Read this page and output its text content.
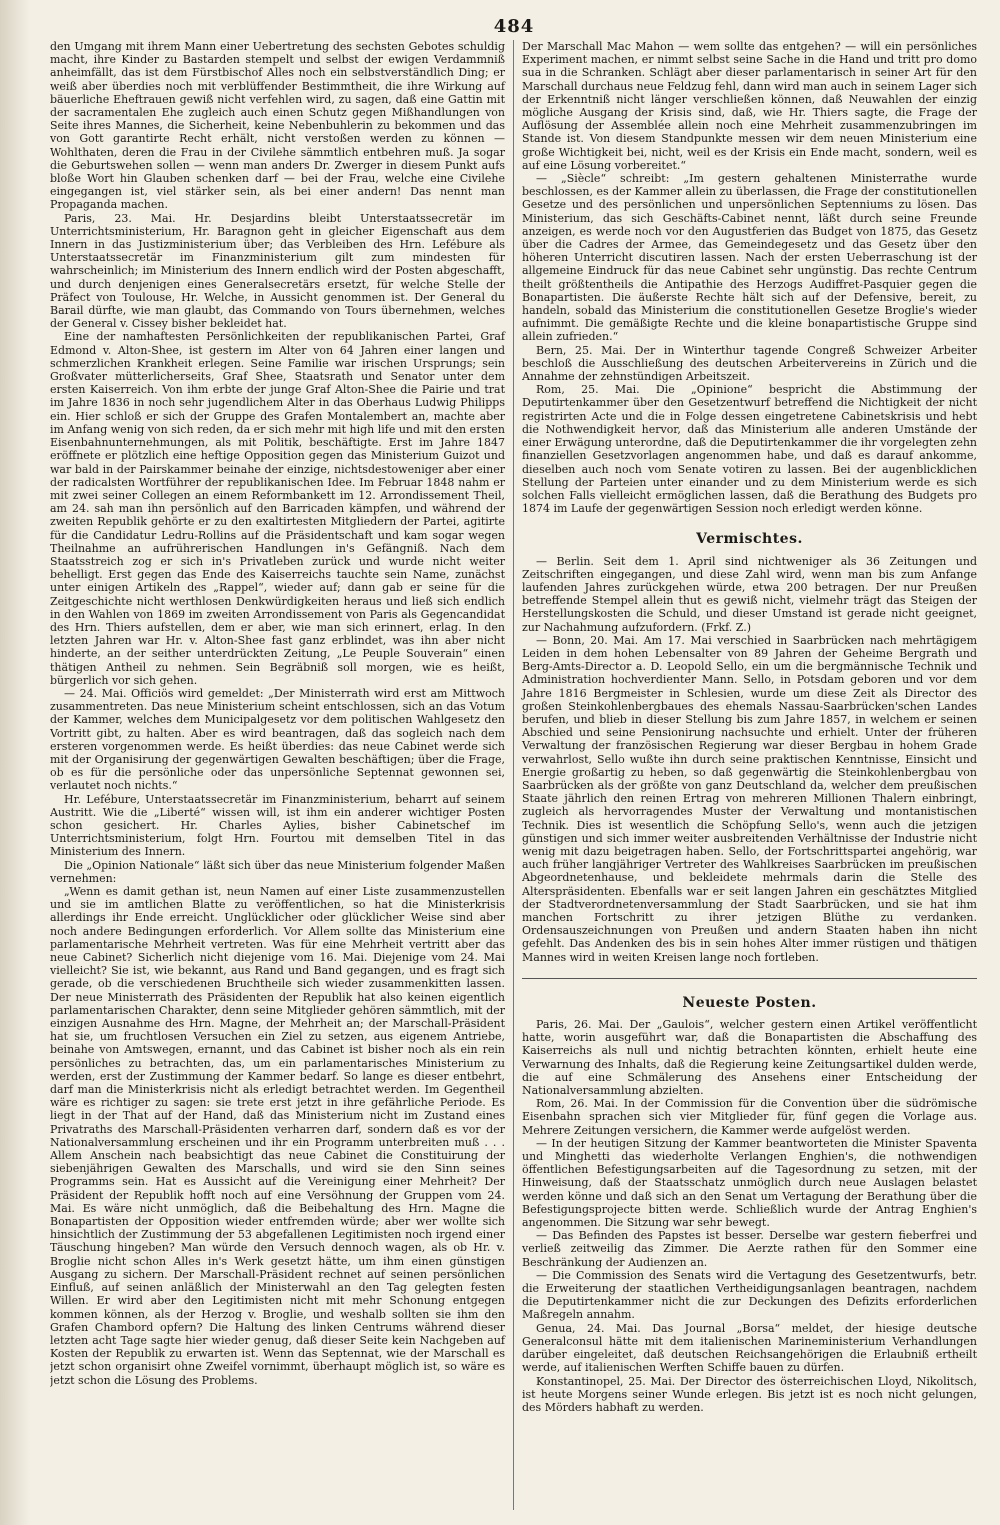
484

den Umgang mit ihrem Mann einer Uebertretung des sechsten Gebotes schuldig macht, ihre Kinder zu Bastarden stempelt und selbst der ewigen Verdammniß anheimfällt, das ist dem Fürstbischof Alles noch ein selbstverständlich Ding; er weiß aber überdies noch mit verblüffender Bestimmtheit, die ihre Wirkung auf bäuerliche Eheftrauen gewiß nicht verfehlen wird, zu sagen, daß eine Gattin mit der sacramentalen Ehe zugleich auch einen Schutz gegen Mißhandlungen von Seite ihres Mannes, die Sicherheit, keine Nebenbuhlerin zu bekommen und das von Gott garantirte Recht erhält, nicht verstoßen werden zu können — Wohlthaten, deren die Frau in der Civilehe sämmtlich entbehren muß. Ja sogar die Geburtswehen sollen — wenn man anders Dr. Zwerger in diesem Punkt aufs bloße Wort hin Glauben schenken darf — bei der Frau, welche eine Civilehe eingegangen ist, viel stärker sein, als bei einer andern! Das nennt man Propaganda machen.

Paris, 23. Mai. Hr. Desjardins bleibt Unterstaatssecretär im Unterrichtsministerium, Hr. Baragnon geht in gleicher Eigenschaft aus dem Innern in das Justizministerium über; das Verbleiben des Hrn. Lefébure als Unterstaatssecretär im Finanzministerium gilt zum mindesten für wahrscheinlich; im Ministerium des Innern endlich wird der Posten abgeschafft, und durch denjenigen eines Generalsecretärs ersetzt, für welche Stelle der Präfect von Toulouse, Hr. Welche, in Aussicht genommen ist. Der General du Barail dürfte, wie man glaubt, das Commando von Tours übernehmen, welches der General v. Cissey bisher bekleidet hat.

Eine der namhaftesten Persönlichkeiten der republikanischen Partei, Graf Edmond v. Alton-Shee, ist gestern im Alter von 64 Jahren einer langen und schmerzlichen Krankheit erlegen. Seine Familie war irischen Ursprungs; sein Großvater mütterlicherseits, Graf Shee, Staatsrath und Senator unter dem ersten Kaiserreich. Von ihm erbte der junge Graf Alton-Shee die Pairie und trat im Jahre 1836 in noch sehr jugendlichem Alter in das Oberhaus Ludwig Philipps ein. Hier schloß er sich der Gruppe des Grafen Montalembert an, machte aber im Anfang wenig von sich reden, da er sich mehr mit high life und mit den ersten Eisenbahnunternehmungen, als mit Politik, beschäftigte. Erst im Jahre 1847 eröffnete er plötzlich eine heftige Opposition gegen das Ministerium Guizot und war bald in der Pairskammer beinahe der einzige, nichtsdestoweniger aber einer der radicalsten Wortführer der republikanischen Idee. Im Februar 1848 nahm er mit zwei seiner Collegen an einem Reformbankett im 12. Arrondissement Theil, am 24. sah man ihn persönlich auf den Barricaden kämpfen, und während der zweiten Republik gehörte er zu den exaltirtesten Mitgliedern der Partei, agitirte für die Candidatur Ledru-Rollins auf die Präsidentschaft und kam sogar wegen Theilnahme an aufrührerischen Handlungen in's Gefängniß. Nach dem Staatsstreich zog er sich in's Privatleben zurück und wurde nicht weiter behelligt. Erst gegen das Ende des Kaiserreichs tauchte sein Name, zunächst unter einigen Artikeln des „Rappel“, wieder auf; dann gab er seine für die Zeitgeschichte nicht werthlosen Denkwürdigkeiten heraus und ließ sich endlich in den Wahlen von 1869 im zweiten Arrondissement von Paris als Gegencandidat des Hrn. Thiers aufstellen, dem er aber, wie man sich erinnert, erlag. In den letzten Jahren war Hr. v. Alton-Shee fast ganz erblindet, was ihn aber nicht hinderte, an der seither unterdrückten Zeitung, „Le Peuple Souverain“ einen thätigen Antheil zu nehmen. Sein Begräbniß soll morgen, wie es heißt, bürgerlich vor sich gehen.

— 24. Mai. Officiös wird gemeldet: „Der Ministerrath wird erst am Mittwoch zusammentreten. Das neue Ministerium scheint entschlossen, sich an das Votum der Kammer, welches dem Municipalgesetz vor dem politischen Wahlgesetz den Vortritt gibt, zu halten. Aber es wird beantragen, daß das sogleich nach dem ersteren vorgenommen werde. Es heißt überdies: das neue Cabinet werde sich mit der Organisirung der gegenwärtigen Gewalten beschäftigen; über die Frage, ob es für die persönliche oder das unpersönliche Septennat gewonnen sei, verlautet noch nichts.“

Hr. Lefébure, Unterstaatssecretär im Finanzministerium, beharrt auf seinem Austritt. Wie die „Liberté“ wissen will, ist ihm ein anderer wichtiger Posten schon gesichert. Hr. Charles Aylies, bisher Cabinetschef im Unterrichtsministerium, folgt Hrn. Fourtou mit demselben Titel in das Ministerium des Innern.

Die „Opinion Nationale“ läßt sich über das neue Ministerium folgender Maßen vernehmen:

„Wenn es damit gethan ist, neun Namen auf einer Liste zusammenzustellen und sie im amtlichen Blatte zu veröffentlichen, so hat die Ministerkrisis allerdings ihr Ende erreicht. Unglücklicher oder glücklicher Weise sind aber noch andere Bedingungen erforderlich. Vor Allem sollte das Ministerium eine parlamentarische Mehrheit vertreten. Was für eine Mehrheit vertritt aber das neue Cabinet? Sicherlich nicht diejenige vom 16. Mai. Diejenige vom 24. Mai vielleicht? Sie ist, wie bekannt, aus Rand und Band gegangen, und es fragt sich gerade, ob die verschiedenen Bruchtheile sich wieder zusammenkitten lassen. Der neue Ministerrath des Präsidenten der Republik hat also keinen eigentlich parlamentarischen Charakter, denn seine Mitglieder gehören sämmtlich, mit der einzigen Ausnahme des Hrn. Magne, der Mehrheit an; der Marschall-Präsident hat sie, um fruchtlosen Versuchen ein Ziel zu setzen, aus eigenem Antriebe, beinahe von Amtswegen, ernannt, und das Cabinet ist bisher noch als ein rein persönliches zu betrachten, das, um ein parlamentarisches Ministerium zu werden, erst der Zustimmung der Kammer bedarf. So lange es dieser entbehrt, darf man die Ministerkrisis nicht als erledigt betrachtet werden. Im Gegentheil wäre es richtiger zu sagen: sie trete erst jetzt in ihre gefährliche Periode. Es liegt in der That auf der Hand, daß das Ministerium nicht im Zustand eines Privatraths des Marschall-Präsidenten verharren darf, sondern daß es vor der Nationalversammlung erscheinen und ihr ein Programm unterbreiten muß . . . Allem Anschein nach beabsichtigt das neue Cabinet die Constituirung der siebenjährigen Gewalten des Marschalls, und wird sie den Sinn seines Programms sein. Hat es Aussicht auf die Vereinigung einer Mehrheit? Der Präsident der Republik hofft noch auf eine Versöhnung der Gruppen vom 24. Mai. Es wäre nicht unmöglich, daß die Beibehaltung des Hrn. Magne die Bonapartisten der Opposition wieder entfremden würde; aber wer wollte sich hinsichtlich der Zustimmung der 53 abgefallenen Legitimisten noch irgend einer Täuschung hingeben? Man würde den Versuch dennoch wagen, als ob Hr. v. Broglie nicht schon Alles in's Werk gesetzt hätte, um ihm einen günstigen Ausgang zu sichern. Der Marschall-Präsident rechnet auf seinen persönlichen Einfluß, auf seinen anläßlich der Ministerwahl an den Tag gelegten festen Willen. Er wird aber den Legitimisten nicht mit mehr Schonung entgegen kommen können, als der Herzog v. Broglie, und weshalb sollten sie ihm den Grafen Chambord opfern? Die Haltung des linken Centrums während dieser letzten acht Tage sagte hier wieder genug, daß dieser Seite kein Nachgeben auf Kosten der Republik zu erwarten ist. Wenn das Septennat, wie der Marschall es jetzt schon organisirt ohne Zweifel vornimmt, überhaupt möglich ist, so wäre es jetzt schon die Lösung des Problems.

Der Marschall Mac Mahon — wem sollte das entgehen? — will ein persönliches Experiment machen, er nimmt selbst seine Sache in die Hand und tritt pro domo sua in die Schranken. Schlägt aber dieser parlamentarisch in seiner Art für den Marschall durchaus neue Feldzug fehl, dann wird man auch in seinem Lager sich der Erkenntniß nicht länger verschließen können, daß Neuwahlen der einzig mögliche Ausgang der Krisis sind, daß, wie Hr. Thiers sagte, die Frage der Auflösung der Assemblée allein noch eine Mehrheit zusammenzubringen im Stande ist. Von diesem Standpunkte messen wir dem neuen Ministerium eine große Wichtigkeit bei, nicht, weil es der Krisis ein Ende macht, sondern, weil es auf eine Lösung vorbereitet.“

— „Siècle“ schreibt: „Im gestern gehaltenen Ministerrathe wurde beschlossen, es der Kammer allein zu überlassen, die Frage der constitutionellen Gesetze und des persönlichen und unpersönlichen Septenniums zu lösen. Das Ministerium, das sich Geschäfts-Cabinet nennt, läßt durch seine Freunde anzeigen, es werde noch vor den Augustferien das Budget von 1875, das Gesetz über die Cadres der Armee, das Gemeindegesetz und das Gesetz über den höheren Unterricht discutiren lassen. Nach der ersten Ueberraschung ist der allgemeine Eindruck für das neue Cabinet sehr ungünstig. Das rechte Centrum theilt größtentheils die Antipathie des Herzogs Audiffret-Pasquier gegen die Bonapartisten. Die äußerste Rechte hält sich auf der Defensive, bereit, zu handeln, sobald das Ministerium die constitutionellen Gesetze Broglie's wieder aufnimmt. Die gemäßigte Rechte und die kleine bonapartistische Gruppe sind allein zufrieden.“

Bern, 25. Mai. Der in Winterthur tagende Congreß Schweizer Arbeiter beschloß die Ausschließung des deutschen Arbeitervereins in Zürich und die Annahme der zehnstündigen Arbeitszeit.

Rom, 25. Mai. Die „Opinione“ bespricht die Abstimmung der Deputirtenkammer über den Gesetzentwurf betreffend die Nichtigkeit der nicht registrirten Acte und die in Folge dessen eingetretene Cabinetskrisis und hebt die Nothwendigkeit hervor, daß das Ministerium alle anderen Umstände der einer Erwägung unterordne, daß die Deputirtenkammer die ihr vorgelegten zehn finanziellen Gesetzvorlagen angenommen habe, und daß es darauf ankomme, dieselben auch noch vom Senate votiren zu lassen. Bei der augenblicklichen Stellung der Parteien unter einander und zu dem Ministerium werde es sich solchen Falls vielleicht ermöglichen lassen, daß die Berathung des Budgets pro 1874 im Laufe der gegenwärtigen Session noch erledigt werden könne.

Vermischtes.

— Berlin. Seit dem 1. April sind nichtweniger als 36 Zeitungen und Zeitschriften eingegangen, und diese Zahl wird, wenn man bis zum Anfange laufenden Jahres zurückgehen würde, etwa 200 betragen. Der nur Preußen betreffende Stempel allein thut es gewiß nicht, vielmehr trägt das Steigen der Herstellungskosten die Schuld, und dieser Umstand ist gerade nicht geeignet, zur Nachahmung aufzufordern. (Frkf. Z.)

— Bonn, 20. Mai. Am 17. Mai verschied in Saarbrücken nach mehrtägigem Leiden in dem hohen Lebensalter von 89 Jahren der Geheime Bergrath und Berg-Amts-Director a. D. Leopold Sello, ein um die bergmännische Technik und Administration hochverdienter Mann. Sello, in Potsdam geboren und vor dem Jahre 1816 Bergmeister in Schlesien, wurde um diese Zeit als Director des großen Steinkohlenbergbaues des ehemals Nassau-Saarbrücken'schen Landes berufen, und blieb in dieser Stellung bis zum Jahre 1857, in welchem er seinen Abschied und seine Pensionirung nachsuchte und erhielt. Unter der früheren Verwaltung der französischen Regierung war dieser Bergbau in hohem Grade verwahrlost, Sello wußte ihn durch seine praktischen Kenntnisse, Einsicht und Energie großartig zu heben, so daß gegenwärtig die Steinkohlenbergbau von Saarbrücken als der größte von ganz Deutschland da, welcher dem preußischen Staate jährlich den reinen Ertrag von mehreren Millionen Thalern einbringt, zugleich als hervorragendes Muster der Verwaltung und montanistischen Technik. Dies ist wesentlich die Schöpfung Sello's, wenn auch die jetzigen günstigen und sich immer weiter ausbreitenden Verhältnisse der Industrie nicht wenig mit dazu beigetragen haben. Sello, der Fortschrittspartei angehörig, war auch früher langjähriger Vertreter des Wahlkreises Saarbrücken im preußischen Abgeordnetenhause, und bekleidete mehrmals darin die Stelle des Alterspräsidenten. Ebenfalls war er seit langen Jahren ein geschätztes Mitglied der Stadtverordnetenversammlung der Stadt Saarbrücken, und sie hat ihm manchen Fortschritt zu ihrer jetzigen Blüthe zu verdanken. Ordensauszeichnungen von Preußen und andern Staaten haben ihn nicht gefehlt. Das Andenken des bis in sein hohes Alter immer rüstigen und thätigen Mannes wird in weiten Kreisen lange noch fortleben.

Neueste Posten.

Paris, 26. Mai. Der „Gaulois“, welcher gestern einen Artikel veröffentlicht hatte, worin ausgeführt war, daß die Bonapartisten die Abschaffung des Kaiserreichs als null und nichtig betrachten könnten, erhielt heute eine Verwarnung des Inhalts, daß die Regierung keine Zeitungsartikel dulden werde, die auf eine Schmälerung des Ansehens einer Entscheidung der Nationalversammlung abzielten.

Rom, 26. Mai. In der Commission für die Convention über die südrömische Eisenbahn sprachen sich vier Mitglieder für, fünf gegen die Vorlage aus. Mehrere Zeitungen versichern, die Kammer werde aufgelöst werden.

— In der heutigen Sitzung der Kammer beantworteten die Minister Spaventa und Minghetti das wiederholte Verlangen Enghien's, die nothwendigen öffentlichen Befestigungsarbeiten auf die Tagesordnung zu setzen, mit der Hinweisung, daß der Staatsschatz unmöglich durch neue Auslagen belastet werden könne und daß sich an den Senat um Vertagung der Berathung über die Befestigungsprojecte bitten werde. Schließlich wurde der Antrag Enghien's angenommen. Die Sitzung war sehr bewegt.

— Das Befinden des Papstes ist besser. Derselbe war gestern fieberfrei und verließ zeitweilig das Zimmer. Die Aerzte rathen für den Sommer eine Beschränkung der Audienzen an.

— Die Commission des Senats wird die Vertagung des Gesetzentwurfs, betr. die Erweiterung der staatlichen Vertheidigungsanlagen beantragen, nachdem die Deputirtenkammer nicht die zur Deckungen des Defizits erforderlichen Maßregeln annahm.

Genua, 24. Mai. Das Journal „Borsa“ meldet, der hiesige deutsche Generalconsul hätte mit dem italienischen Marineministerium Verhandlungen darüber eingeleitet, daß deutschen Reichsangehörigen die Erlaubniß ertheilt werde, auf italienischen Werften Schiffe bauen zu dürfen.

Konstantinopel, 25. Mai. Der Director des österreichischen Lloyd, Nikolitsch, ist heute Morgens seiner Wunde erlegen. Bis jetzt ist es noch nicht gelungen, des Mörders habhaft zu werden.
